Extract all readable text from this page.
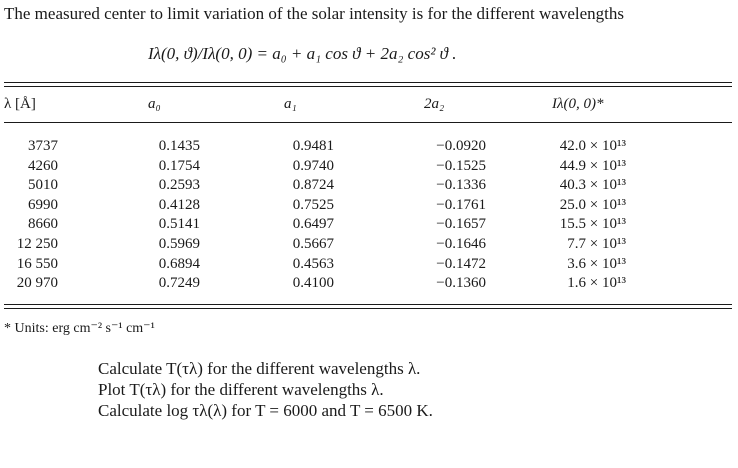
The measured center to limit variation of the solar intensity is for the different wavelengths
Iλ(0, ϑ)/Iλ(0, 0) = a₀ + a₁ cos ϑ + 2a₂ cos² ϑ .
λ [Å]	a₀	a₁	2a₂	Iλ(0, 0)*
3737	0.1435	0.9481	−0.0920	42.0 × 10¹³
4260	0.1754	0.9740	−0.1525	44.9 × 10¹³
5010	0.2593	0.8724	−0.1336	40.3 × 10¹³
6990	0.4128	0.7525	−0.1761	25.0 × 10¹³
8660	0.5141	0.6497	−0.1657	15.5 × 10¹³
12 250	0.5969	0.5667	−0.1646	7.7 × 10¹³
16 550	0.6894	0.4563	−0.1472	3.6 × 10¹³
20 970	0.7249	0.4100	−0.1360	1.6 × 10¹³
* Units: erg cm⁻² s⁻¹ cm⁻¹
Calculate T(τλ) for the different wavelengths λ.
Plot T(τλ) for the different wavelengths λ.
Calculate log τλ(λ) for T = 6000 and T = 6500 K.
